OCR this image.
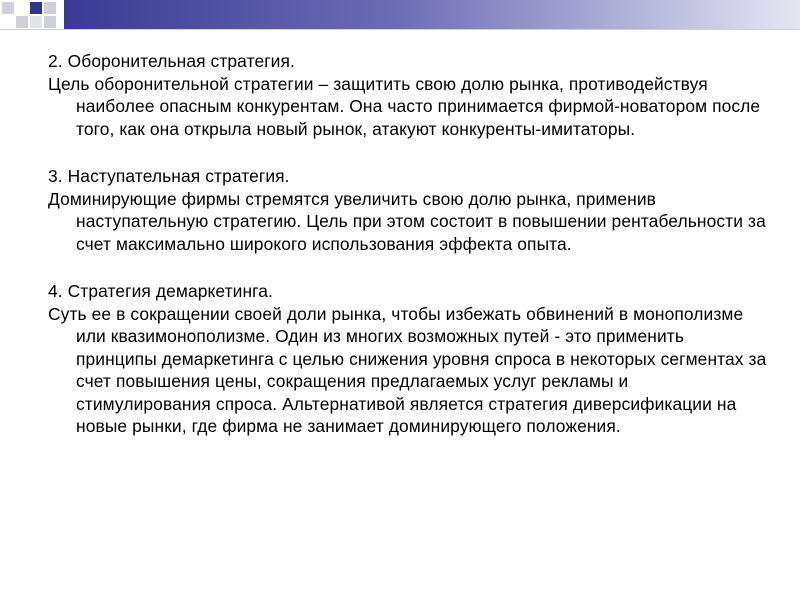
2. Оборонительная стратегия.

Цель оборонительной стратегии – защитить свою долю рынка, противодействуя наиболее опасным конкурентам. Она часто принимается фирмой-новатором после того, как она открыла новый рынок, атакуют конкуренты-имитаторы.

3. Наступательная стратегия.

Доминирующие фирмы стремятся увеличить свою долю рынка, применив наступательную стратегию. Цель при этом состоит в повышении рентабельности за счет максимально широкого использования эффекта опыта.

4. Стратегия демаркетинга.

Суть ее в сокращении своей доли рынка, чтобы избежать обвинений в монополизме или квазимонополизме. Один из многих возможных путей - это применить принципы демаркетинга с целью снижения уровня спроса в некоторых сегментах за счет повышения цены, сокращения предлагаемых услуг рекламы и стимулирования спроса. Альтернативой является стратегия диверсификации на новые рынки, где фирма не занимает доминирующего положения.
